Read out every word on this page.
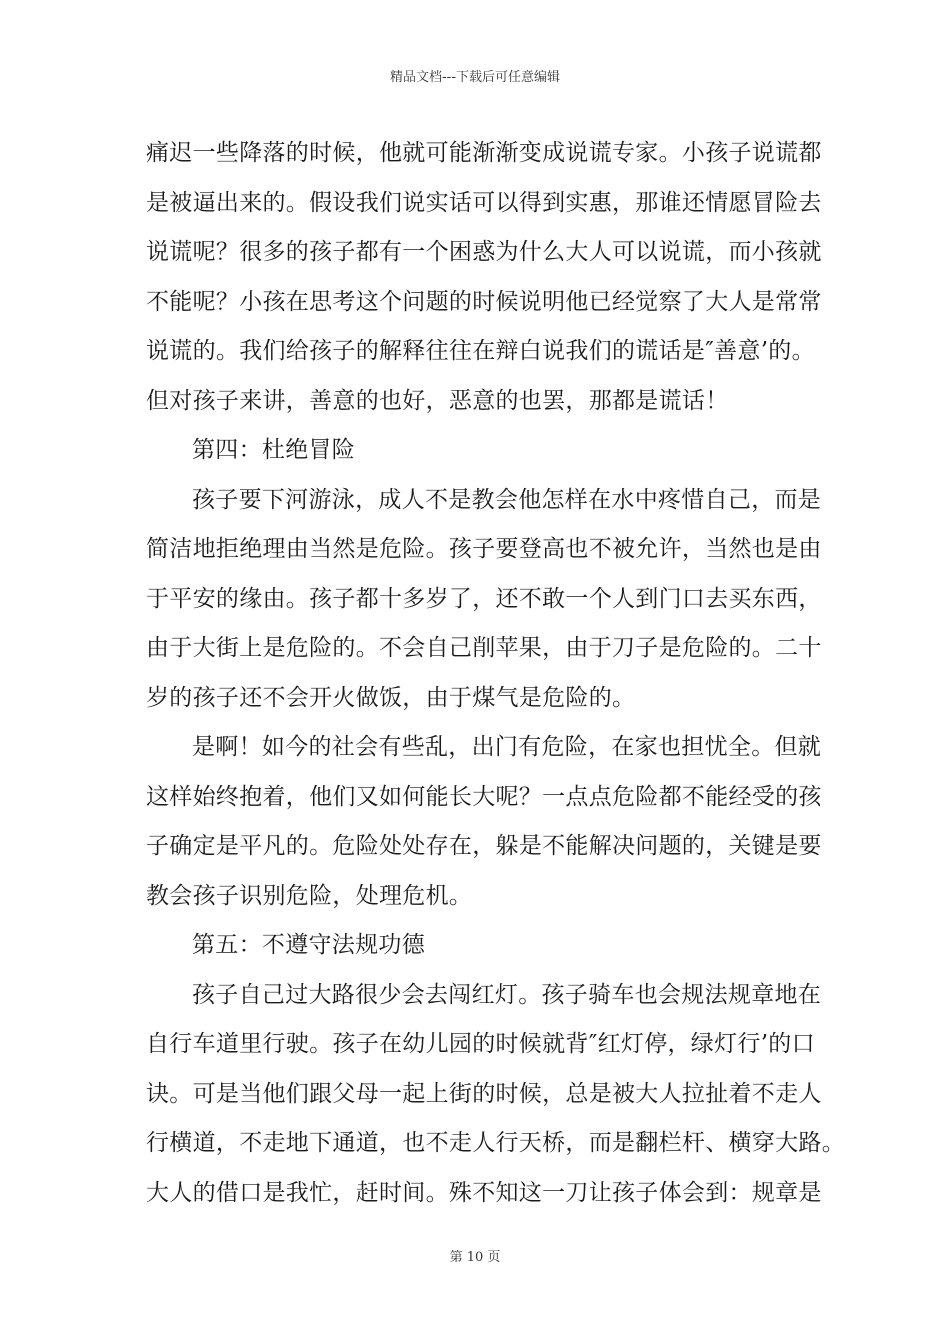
精品文档---下载后可任意编辑
痛迟一些降落的时候，他就可能渐渐变成说谎专家。小孩子说谎都
是被逼出来的。假设我们说实话可以得到实惠，那谁还情愿冒险去
说谎呢？很多的孩子都有一个困惑为什么大人可以说谎，而小孩就
不能呢？小孩在思考这个问题的时候说明他已经觉察了大人是常常
说谎的。我们给孩子的解释往往在辩白说我们的谎话是″善意’的。
但对孩子来讲，善意的也好，恶意的也罢，那都是谎话！
第四：杜绝冒险
孩子要下河游泳，成人不是教会他怎样在水中疼惜自己，而是
简洁地拒绝理由当然是危险。孩子要登高也不被允许，当然也是由
于平安的缘由。孩子都十多岁了，还不敢一个人到门口去买东西，
由于大街上是危险的。不会自己削苹果，由于刀子是危险的。二十
岁的孩子还不会开火做饭，由于煤气是危险的。
是啊！如今的社会有些乱，出门有危险，在家也担忧全。但就
这样始终抱着，他们又如何能长大呢？一点点危险都不能经受的孩
子确定是平凡的。危险处处存在，躲是不能解决问题的，关键是要
教会孩子识别危险，处理危机。
第五：不遵守法规功德
孩子自己过大路很少会去闯红灯。孩子骑车也会规法规章地在
自行车道里行驶。孩子在幼儿园的时候就背″红灯停，绿灯行’的口
诀。可是当他们跟父母一起上街的时候，总是被大人拉扯着不走人
行横道，不走地下通道，也不走人行天桥，而是翻栏杆、横穿大路。
大人的借口是我忙，赶时间。殊不知这一刀让孩子体会到：规章是
第 10 页
